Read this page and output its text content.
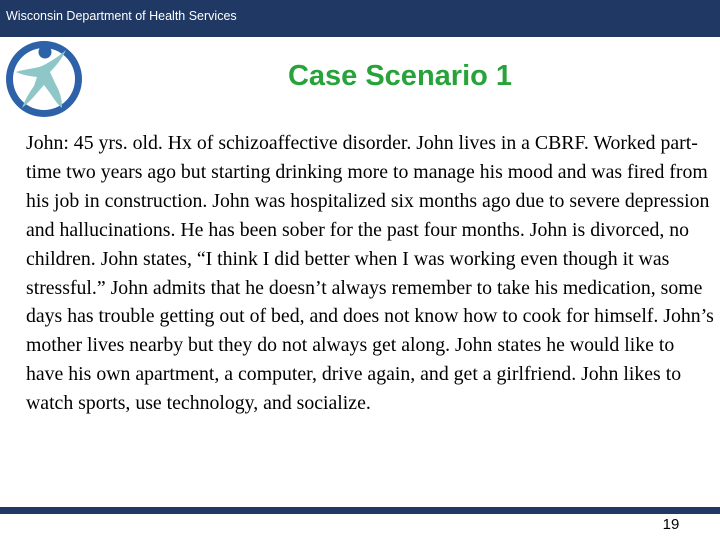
Wisconsin Department of Health Services
Case Scenario 1

John: 45 yrs. old. Hx of schizoaffective disorder. John lives in a CBRF. Worked part-time two years ago but starting drinking more to manage his mood and was fired from his job in construction. John was hospitalized six months ago due to severe depression and hallucinations. He has been sober for the past four months. John is divorced, no children. John states, “I think I did better when I was working even though it was stressful.” John admits that he doesn’t always remember to take his medication, some days has trouble getting out of bed, and does not know how to cook for himself. John’s mother lives nearby but they do not always get along. John states he would like to have his own apartment, a computer, drive again, and get a girlfriend. John likes to watch sports, use technology, and socialize.

19
